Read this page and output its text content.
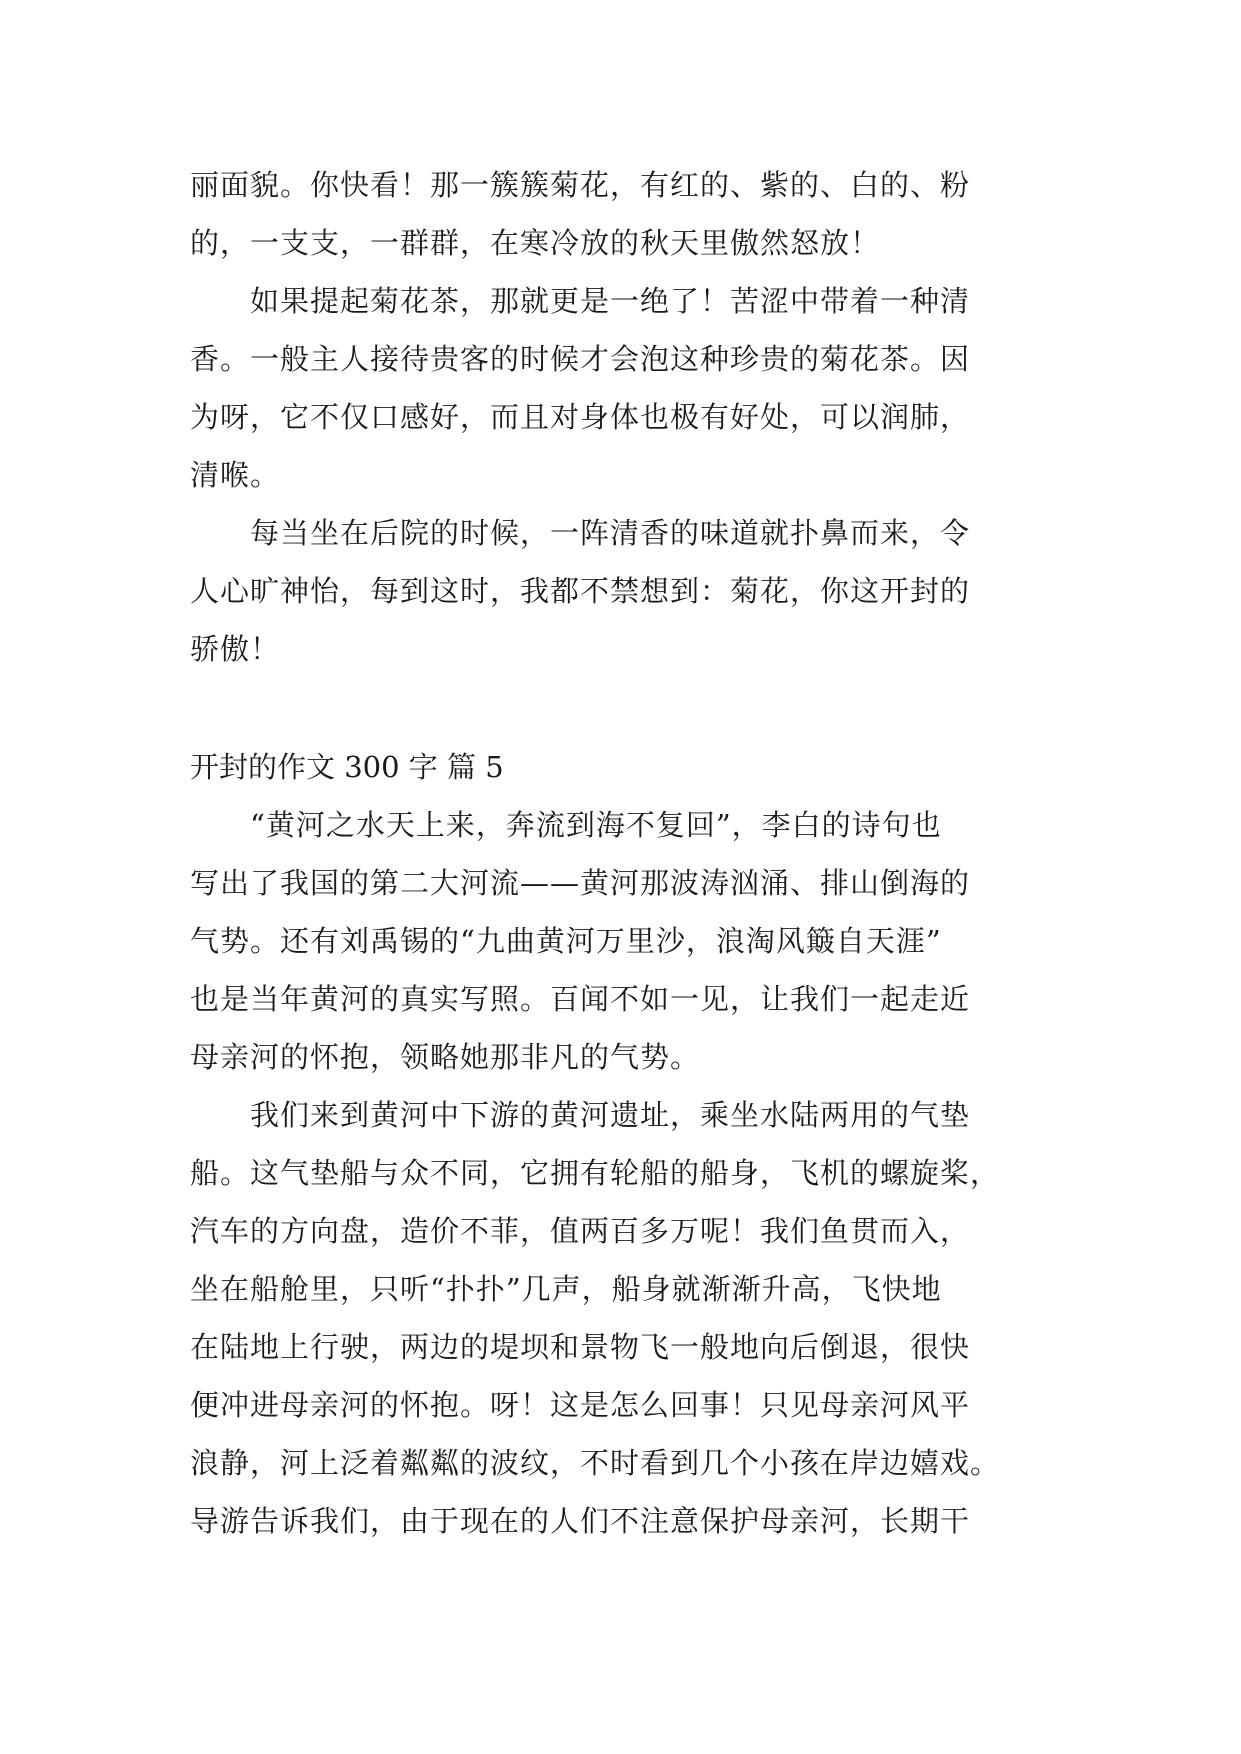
丽面貌。你快看！那一簇簇菊花，有红的、紫的、白的、粉
的，一支支，一群群，在寒冷放的秋天里傲然怒放！
　　如果提起菊花茶，那就更是一绝了！苦涩中带着一种清
香。一般主人接待贵客的时候才会泡这种珍贵的菊花茶。因
为呀，它不仅口感好，而且对身体也极有好处，可以润肺，
清喉。
　　每当坐在后院的时候，一阵清香的味道就扑鼻而来，令
人心旷神怡，每到这时，我都不禁想到：菊花，你这开封的
骄傲！
开封的作文 300 字 篇 5
　　“黄河之水天上来，奔流到海不复回”，李白的诗句也
写出了我国的第二大河流——黄河那波涛汹涌、排山倒海的
气势。还有刘禹锡的“九曲黄河万里沙，浪淘风簸自天涯”
也是当年黄河的真实写照。百闻不如一见，让我们一起走近
母亲河的怀抱，领略她那非凡的气势。
　　我们来到黄河中下游的黄河遗址，乘坐水陆两用的气垫
船。这气垫船与众不同，它拥有轮船的船身，飞机的螺旋桨，
汽车的方向盘，造价不菲，值两百多万呢！我们鱼贯而入，
坐在船舱里，只听“扑扑”几声，船身就渐渐升高，飞快地
在陆地上行驶，两边的堤坝和景物飞一般地向后倒退，很快
便冲进母亲河的怀抱。呀！这是怎么回事！只见母亲河风平
浪静，河上泛着粼粼的波纹，不时看到几个小孩在岸边嬉戏。
导游告诉我们，由于现在的人们不注意保护母亲河，长期干
